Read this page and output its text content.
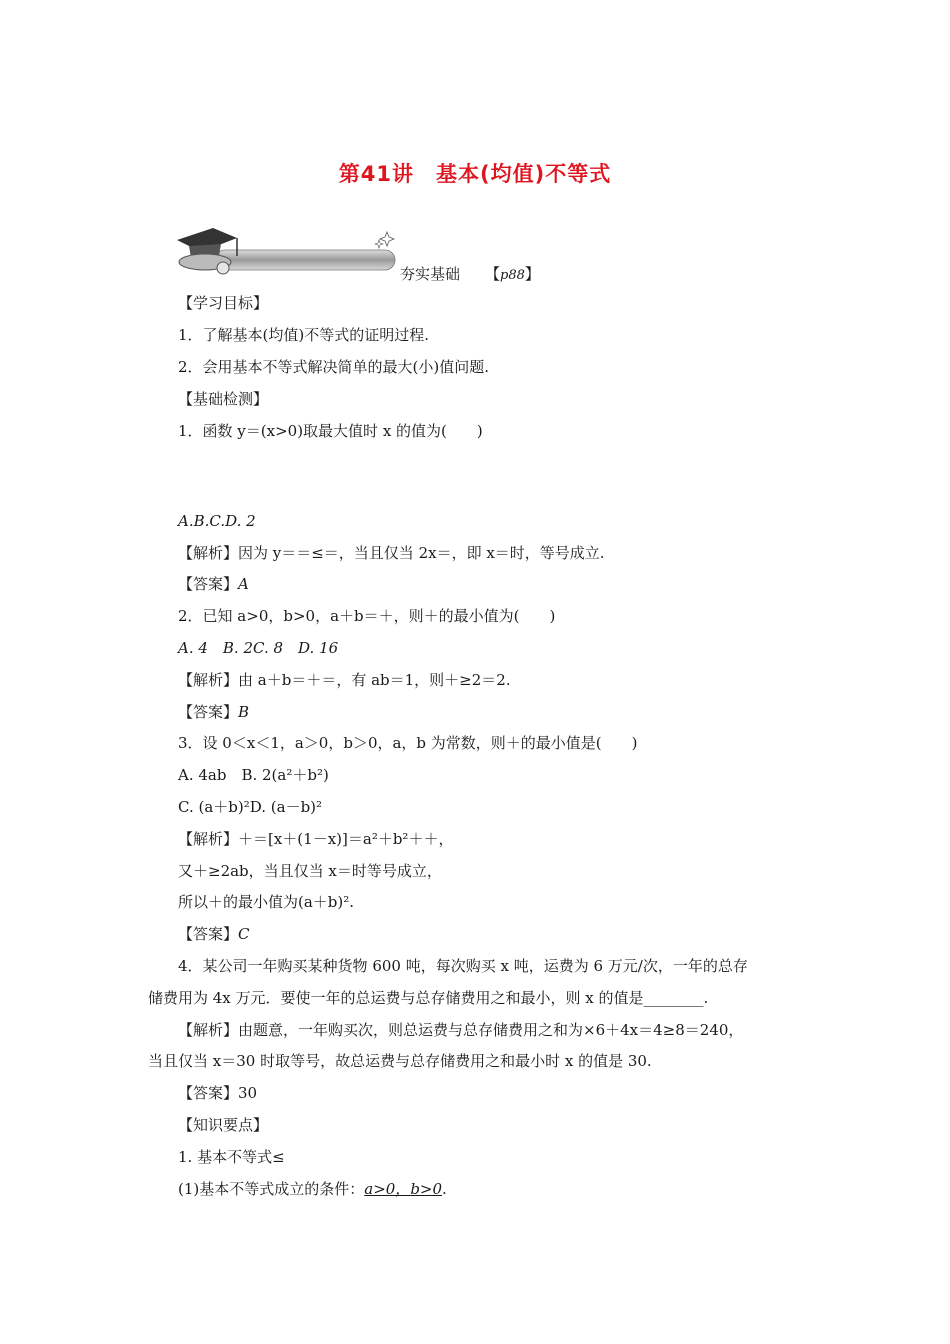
第41讲　基本(均值)不等式
夯实基础 【p88】
【学习目标】
1．了解基本(均值)不等式的证明过程.
2．会用基本不等式解决简单的最大(小)值问题.
【基础检测】
1．函数 y＝(x>0)取最大值时 x 的值为(　　)
A.B.C.D. 2
【解析】因为 y＝＝≤＝，当且仅当 2x＝，即 x＝时，等号成立.
【答案】A
2．已知 a>0，b>0，a＋b＝＋，则＋的最小值为(　　)
A. 4　B. 2C. 8　D. 16
【解析】由 a＋b＝＋＝，有 ab＝1，则＋≥2＝2.
【答案】B
3．设 0＜x＜1，a＞0，b＞0，a，b 为常数，则＋的最小值是(　　)
A. 4ab　B. 2(a²＋b²)
C. (a＋b)²D. (a－b)²
【解析】＋＝[x＋(1－x)]＝a²＋b²＋＋，
又＋≥2ab，当且仅当 x＝时等号成立，
所以＋的最小值为(a＋b)².
【答案】C
4．某公司一年购买某种货物 600 吨，每次购买 x 吨，运费为 6 万元/次，一年的总存
储费用为 4x 万元．要使一年的总运费与总存储费用之和最小，则 x 的值是________.
【解析】由题意，一年购买次，则总运费与总存储费用之和为×6＋4x＝4≥8＝240，
当且仅当 x＝30 时取等号，故总运费与总存储费用之和最小时 x 的值是 30.
【答案】30
【知识要点】
1. 基本不等式≤
(1)基本不等式成立的条件：a>0，b>0.
